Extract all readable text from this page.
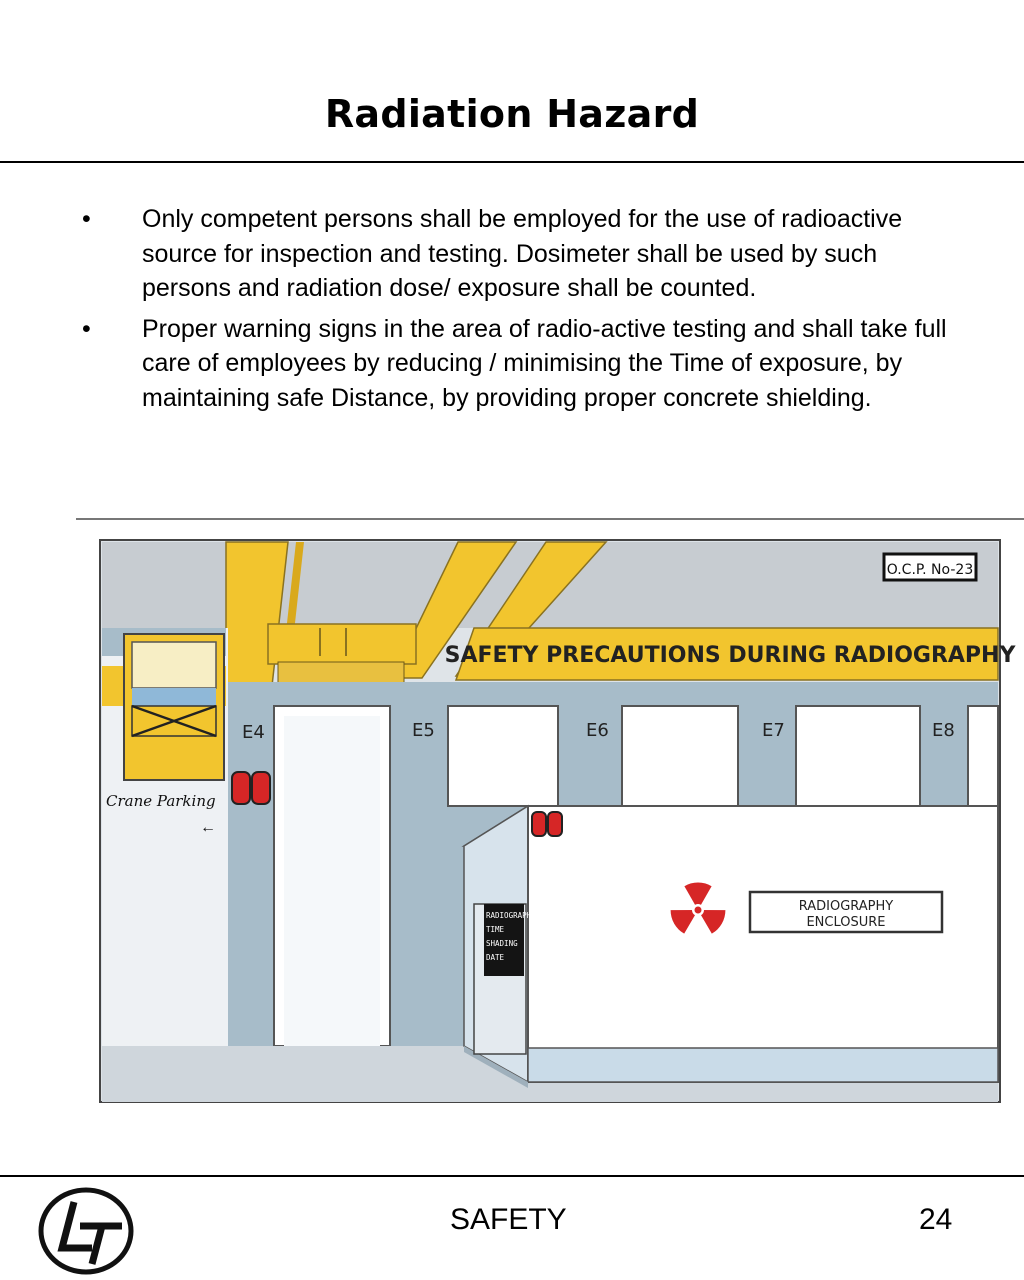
Radiation Hazard
• Only competent persons shall be employed for the use of radioactive source for inspection and testing. Dosimeter shall be used by such persons and radiation dose/ exposure shall be counted.
• Proper warning signs in the area of radio-active testing and shall take full care of employees by reducing / minimising the Time of exposure, by maintaining safe Distance, by providing proper concrete shielding.
SAFETY PRECAUTIONS DURING RADIOGRAPHY
O.C.P. No-23
Crane Parking
←
E4	E5	E6	E7	E8
RADIOGRAPHY
TIME
SHADING
DATE
RADIOGRAPHY
ENCLOSURE
SAFETY	24
